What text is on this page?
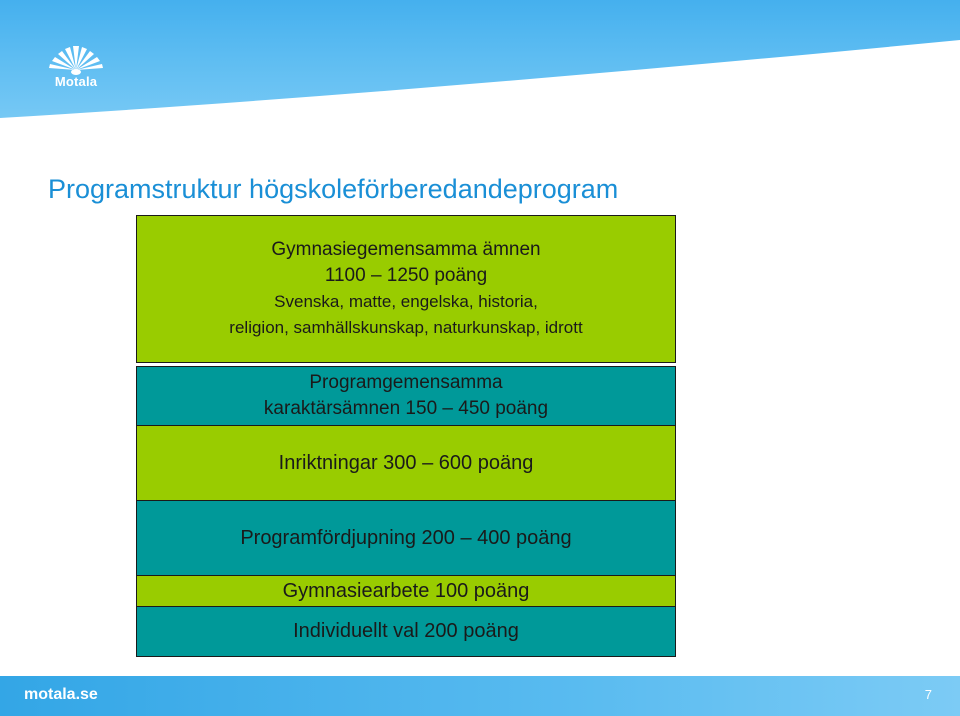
Motala
Programstruktur högskoleförberedandeprogram
Gymnasiegemensamma ämnen
1100 – 1250 poäng
Svenska, matte, engelska, historia,
religion, samhällskunskap, naturkunskap, idrott
Programgemensamma
karaktärsämnen 150 – 450 poäng
Inriktningar 300 – 600 poäng
Programfördjupning 200 – 400 poäng
Gymnasiearbete 100 poäng
Individuellt val 200 poäng
motala.se	7
